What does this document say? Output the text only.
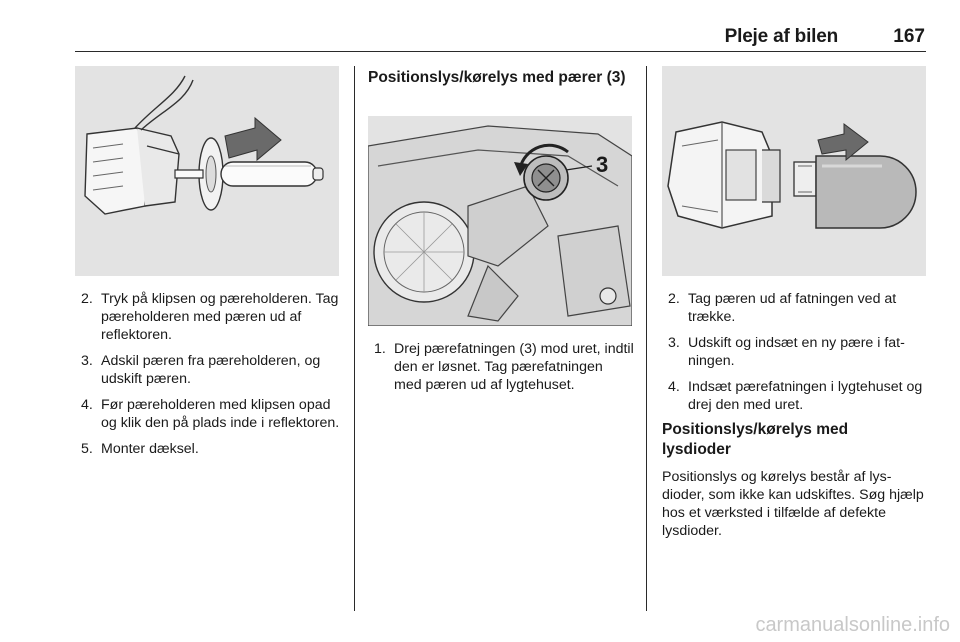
Pleje af bilen	167
2. Tryk på klipsen og pæreholderen. Tag pæreholderen med pæren ud af reflektoren.
3. Adskil pæren fra pæreholderen, og udskift pæren.
4. Før pæreholderen med klipsen opad og klik den på plads inde i reflektoren.
5. Monter dæksel.
Positionslys/kørelys med pærer (3)
3
1. Drej pærefatningen (3) mod uret, indtil den er løsnet. Tag pærefatningen med pæren ud af lygtehuset.
2. Tag pæren ud af fatningen ved at trække.
3. Udskift og indsæt en ny pære i fatningen.
4. Indsæt pærefatningen i lygtehuset og drej den med uret.
Positionslys/kørelys med lysdioder

Positionslys og kørelys består af lysdioder, som ikke kan udskiftes. Søg hjælp hos et værksted i tilfælde af defekte lysdioder.

carmanualsonline.info
